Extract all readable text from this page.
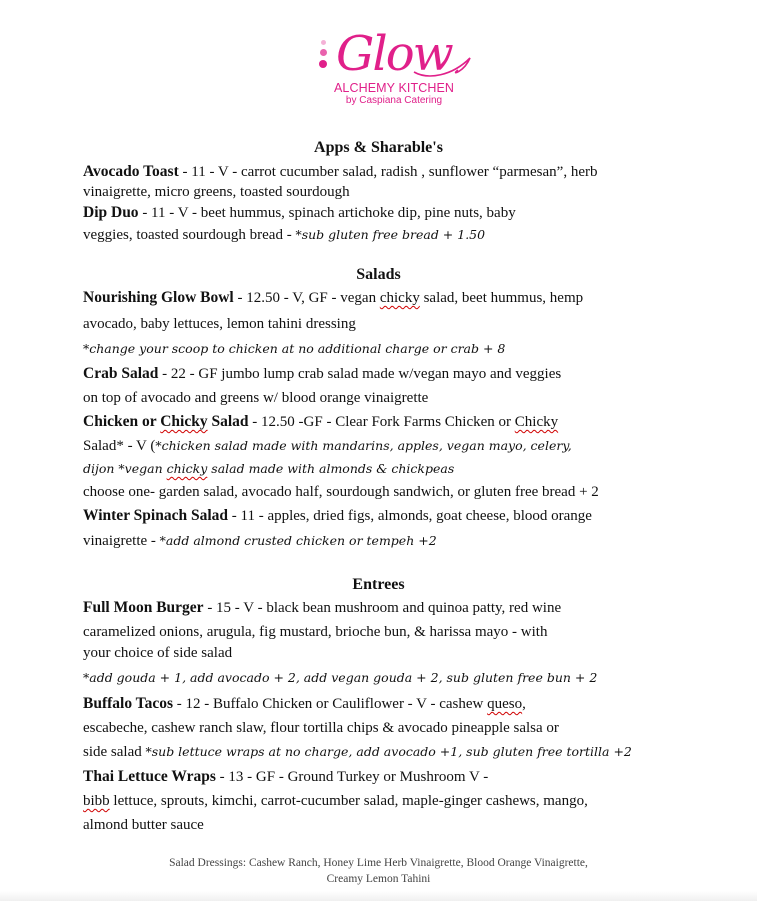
Glow
ALCHEMY KITCHEN
by Caspiana Catering
Apps & Sharable's
Avocado Toast - 11 - V - carrot cucumber salad, radish , sunflower “parmesan”, herb
vinaigrette, micro greens, toasted sourdough
Dip Duo - 11 - V - beet hummus, spinach artichoke dip, pine nuts, baby
veggies, toasted sourdough bread - *sub gluten free bread + 1.50
Salads
Nourishing Glow Bowl - 12.50 - V, GF - vegan chicky salad, beet hummus, hemp
avocado, baby lettuces, lemon tahini dressing
*change your scoop to chicken at no additional charge or crab + 8
Crab Salad - 22 - GF jumbo lump crab salad made w/vegan mayo and veggies
on top of avocado and greens w/ blood orange vinaigrette
Chicken or Chicky Salad - 12.50 -GF - Clear Fork Farms Chicken or Chicky
Salad* - V (*chicken salad made with mandarins, apples, vegan mayo, celery,
dijon *vegan chicky salad made with almonds & chickpeas
choose one- garden salad, avocado half, sourdough sandwich, or gluten free bread + 2
Winter Spinach Salad - 11 - apples, dried figs, almonds, goat cheese, blood orange
vinaigrette - *add almond crusted chicken or tempeh +2
Entrees
Full Moon Burger - 15 - V - black bean mushroom and quinoa patty, red wine
caramelized onions, arugula, fig mustard, brioche bun, & harissa mayo - with
your choice of side salad
*add gouda + 1, add avocado + 2, add vegan gouda + 2, sub gluten free bun + 2
Buffalo Tacos - 12 - Buffalo Chicken or Cauliflower - V - cashew queso,
escabeche, cashew ranch slaw, flour tortilla chips & avocado pineapple salsa or
side salad *sub lettuce wraps at no charge, add avocado +1, sub gluten free tortilla +2
Thai Lettuce Wraps - 13 - GF - Ground Turkey or Mushroom V -
bibb lettuce, sprouts, kimchi, carrot-cucumber salad, maple-ginger cashews, mango,
almond butter sauce
Salad Dressings: Cashew Ranch, Honey Lime Herb Vinaigrette, Blood Orange Vinaigrette,
Creamy Lemon Tahini
